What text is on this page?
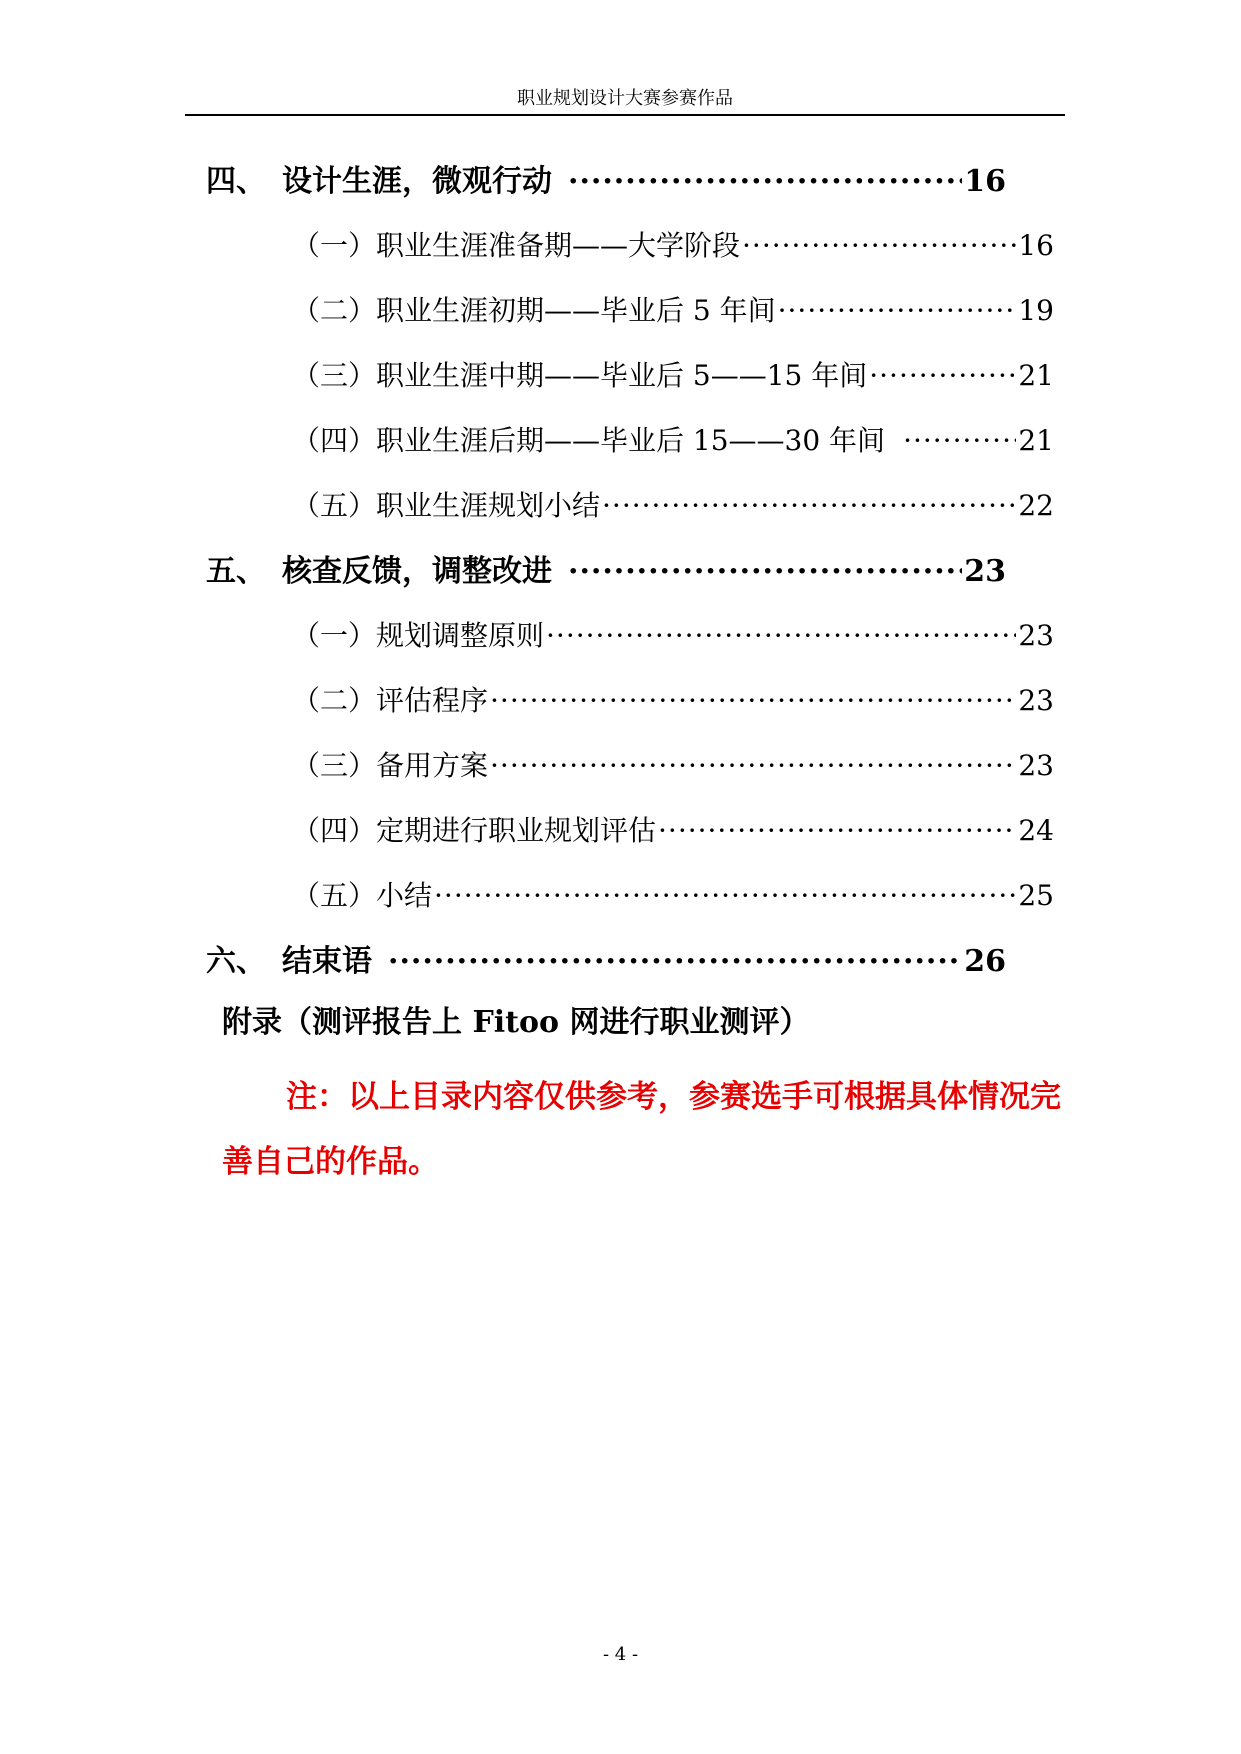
职业规划设计大赛参赛作品
四、 设计生涯，微观行动 ·····	16
（一）职业生涯准备期——大学阶段 ·····	16
（二）职业生涯初期——毕业后 5 年间 ·····	19
（三）职业生涯中期——毕业后 5——15 年间 ·····	21
（四）职业生涯后期——毕业后 15——30 年间 ·····	21
（五）职业生涯规划小结 ·····	22
五、 核查反馈，调整改进 ·····	23
（一）规划调整原则 ·····	23
（二）评估程序 ·····	23
（三）备用方案 ·····	23
（四）定期进行职业规划评估 ·····	24
（五）小结 ·····	25
六、 结束语 ·····	26
附录（测评报告上 Fitoo 网进行职业测评）
注：以上目录内容仅供参考，参赛选手可根据具体情况完善自己的作品。
- 4 -
